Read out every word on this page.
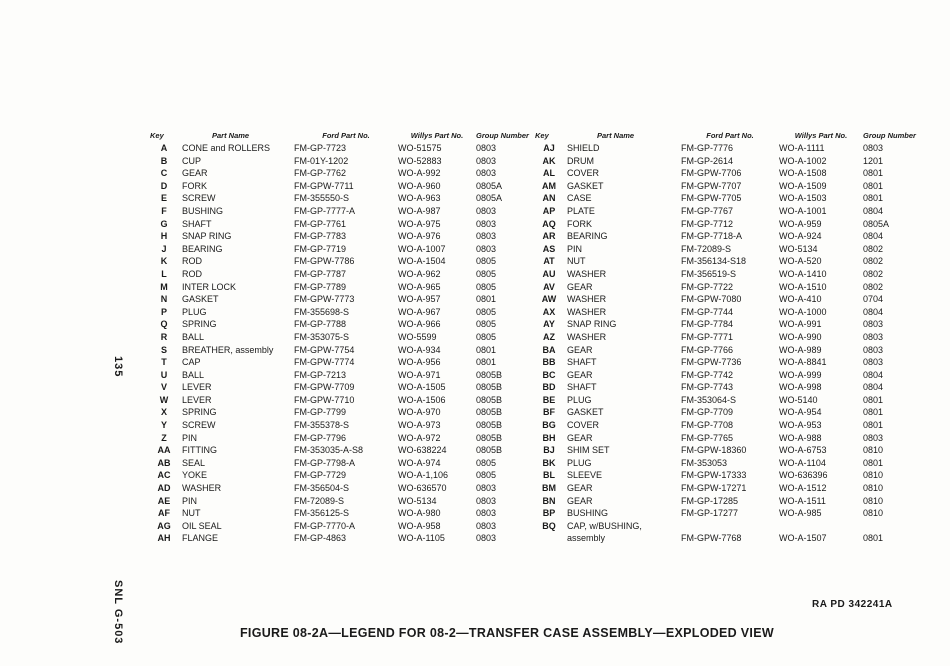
135
SNL G-503
Key	Part Name	Ford Part No.	Willys Part No.	Group Number
A	CONE and ROLLERS	FM-GP-7723	WO-51575	0803
B	CUP	FM-01Y-1202	WO-52883	0803
C	GEAR	FM-GP-7762	WO-A-992	0803
D	FORK	FM-GPW-7711	WO-A-960	0805A
E	SCREW	FM-355550-S	WO-A-963	0805A
F	BUSHING	FM-GP-7777-A	WO-A-987	0803
G	SHAFT	FM-GP-7761	WO-A-975	0803
H	SNAP RING	FM-GP-7783	WO-A-976	0803
J	BEARING	FM-GP-7719	WO-A-1007	0803
K	ROD	FM-GPW-7786	WO-A-1504	0805
L	ROD	FM-GP-7787	WO-A-962	0805
M	INTER LOCK	FM-GP-7789	WO-A-965	0805
N	GASKET	FM-GPW-7773	WO-A-957	0801
P	PLUG	FM-355698-S	WO-A-967	0805
Q	SPRING	FM-GP-7788	WO-A-966	0805
R	BALL	FM-353075-S	WO-5599	0805
S	BREATHER, assembly	FM-GPW-7754	WO-A-934	0801
T	CAP	FM-GPW-7774	WO-A-956	0801
U	BALL	FM-GP-7213	WO-A-971	0805B
V	LEVER	FM-GPW-7709	WO-A-1505	0805B
W	LEVER	FM-GPW-7710	WO-A-1506	0805B
X	SPRING	FM-GP-7799	WO-A-970	0805B
Y	SCREW	FM-355378-S	WO-A-973	0805B
Z	PIN	FM-GP-7796	WO-A-972	0805B
AA	FITTING	FM-353035-A-S8	WO-638224	0805B
AB	SEAL	FM-GP-7798-A	WO-A-974	0805
AC	YOKE	FM-GP-7729	WO-A-1,106	0805
AD	WASHER	FM-356504-S	WO-636570	0803
AE	PIN	FM-72089-S	WO-5134	0803
AF	NUT	FM-356125-S	WO-A-980	0803
AG	OIL SEAL	FM-GP-7770-A	WO-A-958	0803
AH	FLANGE	FM-GP-4863	WO-A-1105	0803
Key	Part Name	Ford Part No.	Willys Part No.	Group Number
AJ	SHIELD	FM-GP-7776	WO-A-1111	0803
AK	DRUM	FM-GP-2614	WO-A-1002	1201
AL	COVER	FM-GPW-7706	WO-A-1508	0801
AM	GASKET	FM-GPW-7707	WO-A-1509	0801
AN	CASE	FM-GPW-7705	WO-A-1503	0801
AP	PLATE	FM-GP-7767	WO-A-1001	0804
AQ	FORK	FM-GP-7712	WO-A-959	0805A
AR	BEARING	FM-GP-7718-A	WO-A-924	0804
AS	PIN	FM-72089-S	WO-5134	0802
AT	NUT	FM-356134-S18	WO-A-520	0802
AU	WASHER	FM-356519-S	WO-A-1410	0802
AV	GEAR	FM-GP-7722	WO-A-1510	0802
AW	WASHER	FM-GPW-7080	WO-A-410	0704
AX	WASHER	FM-GP-7744	WO-A-1000	0804
AY	SNAP RING	FM-GP-7784	WO-A-991	0803
AZ	WASHER	FM-GP-7771	WO-A-990	0803
BA	GEAR	FM-GP-7766	WO-A-989	0803
BB	SHAFT	FM-GPW-7736	WO-A-8841	0803
BC	GEAR	FM-GP-7742	WO-A-999	0804
BD	SHAFT	FM-GP-7743	WO-A-998	0804
BE	PLUG	FM-353064-S	WO-5140	0801
BF	GASKET	FM-GP-7709	WO-A-954	0801
BG	COVER	FM-GP-7708	WO-A-953	0801
BH	GEAR	FM-GP-7765	WO-A-988	0803
BJ	SHIM SET	FM-GPW-18360	WO-A-6753	0810
BK	PLUG	FM-353053	WO-A-1104	0801
BL	SLEEVE	FM-GPW-17333	WO-636396	0810
BM	GEAR	FM-GPW-17271	WO-A-1512	0810
BN	GEAR	FM-GP-17285	WO-A-1511	0810
BP	BUSHING	FM-GP-17277	WO-A-985	0810
BQ	CAP, w/BUSHING,			
	assembly	FM-GPW-7768	WO-A-1507	0801
RA PD 342241A
FIGURE 08-2A—LEGEND FOR 08-2—TRANSFER CASE ASSEMBLY—EXPLODED VIEW
